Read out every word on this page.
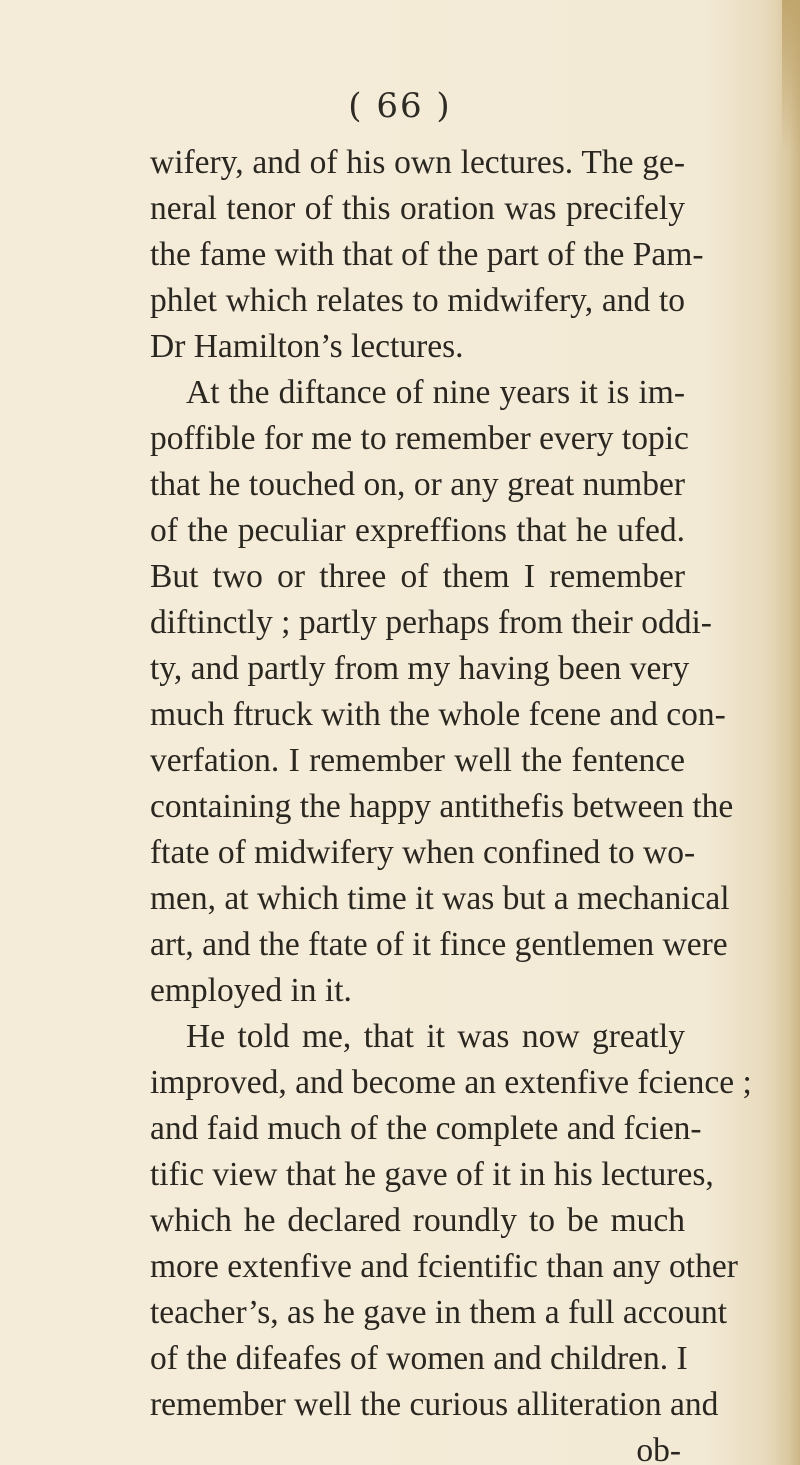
( 66 )

wifery, and of his own lectures. The ge-
neral tenor of this oration was precifely
the fame with that of the part of the Pam-
phlet which relates to midwifery, and to
Dr Hamilton’s lectures.
At the diftance of nine years it is im-
poffible for me to remember every topic
that he touched on, or any great number
of the peculiar expreffions that he ufed.
But two or three of them I remember
diftinctly ; partly perhaps from their oddi-
ty, and partly from my having been very
much ftruck with the whole fcene and con-
verfation. I remember well the fentence
containing the happy antithefis between the
ftate of midwifery when confined to wo-
men, at which time it was but a mechanical
art, and the ftate of it fince gentlemen were
employed in it.
He told me, that it was now greatly
improved, and become an extenfive fcience ;
and faid much of the complete and fcien-
tific view that he gave of it in his lectures,
which he declared roundly to be much
more extenfive and fcientific than any other
teacher’s, as he gave in them a full account
of the difeafes of women and children. I
remember well the curious alliteration and
ob-
